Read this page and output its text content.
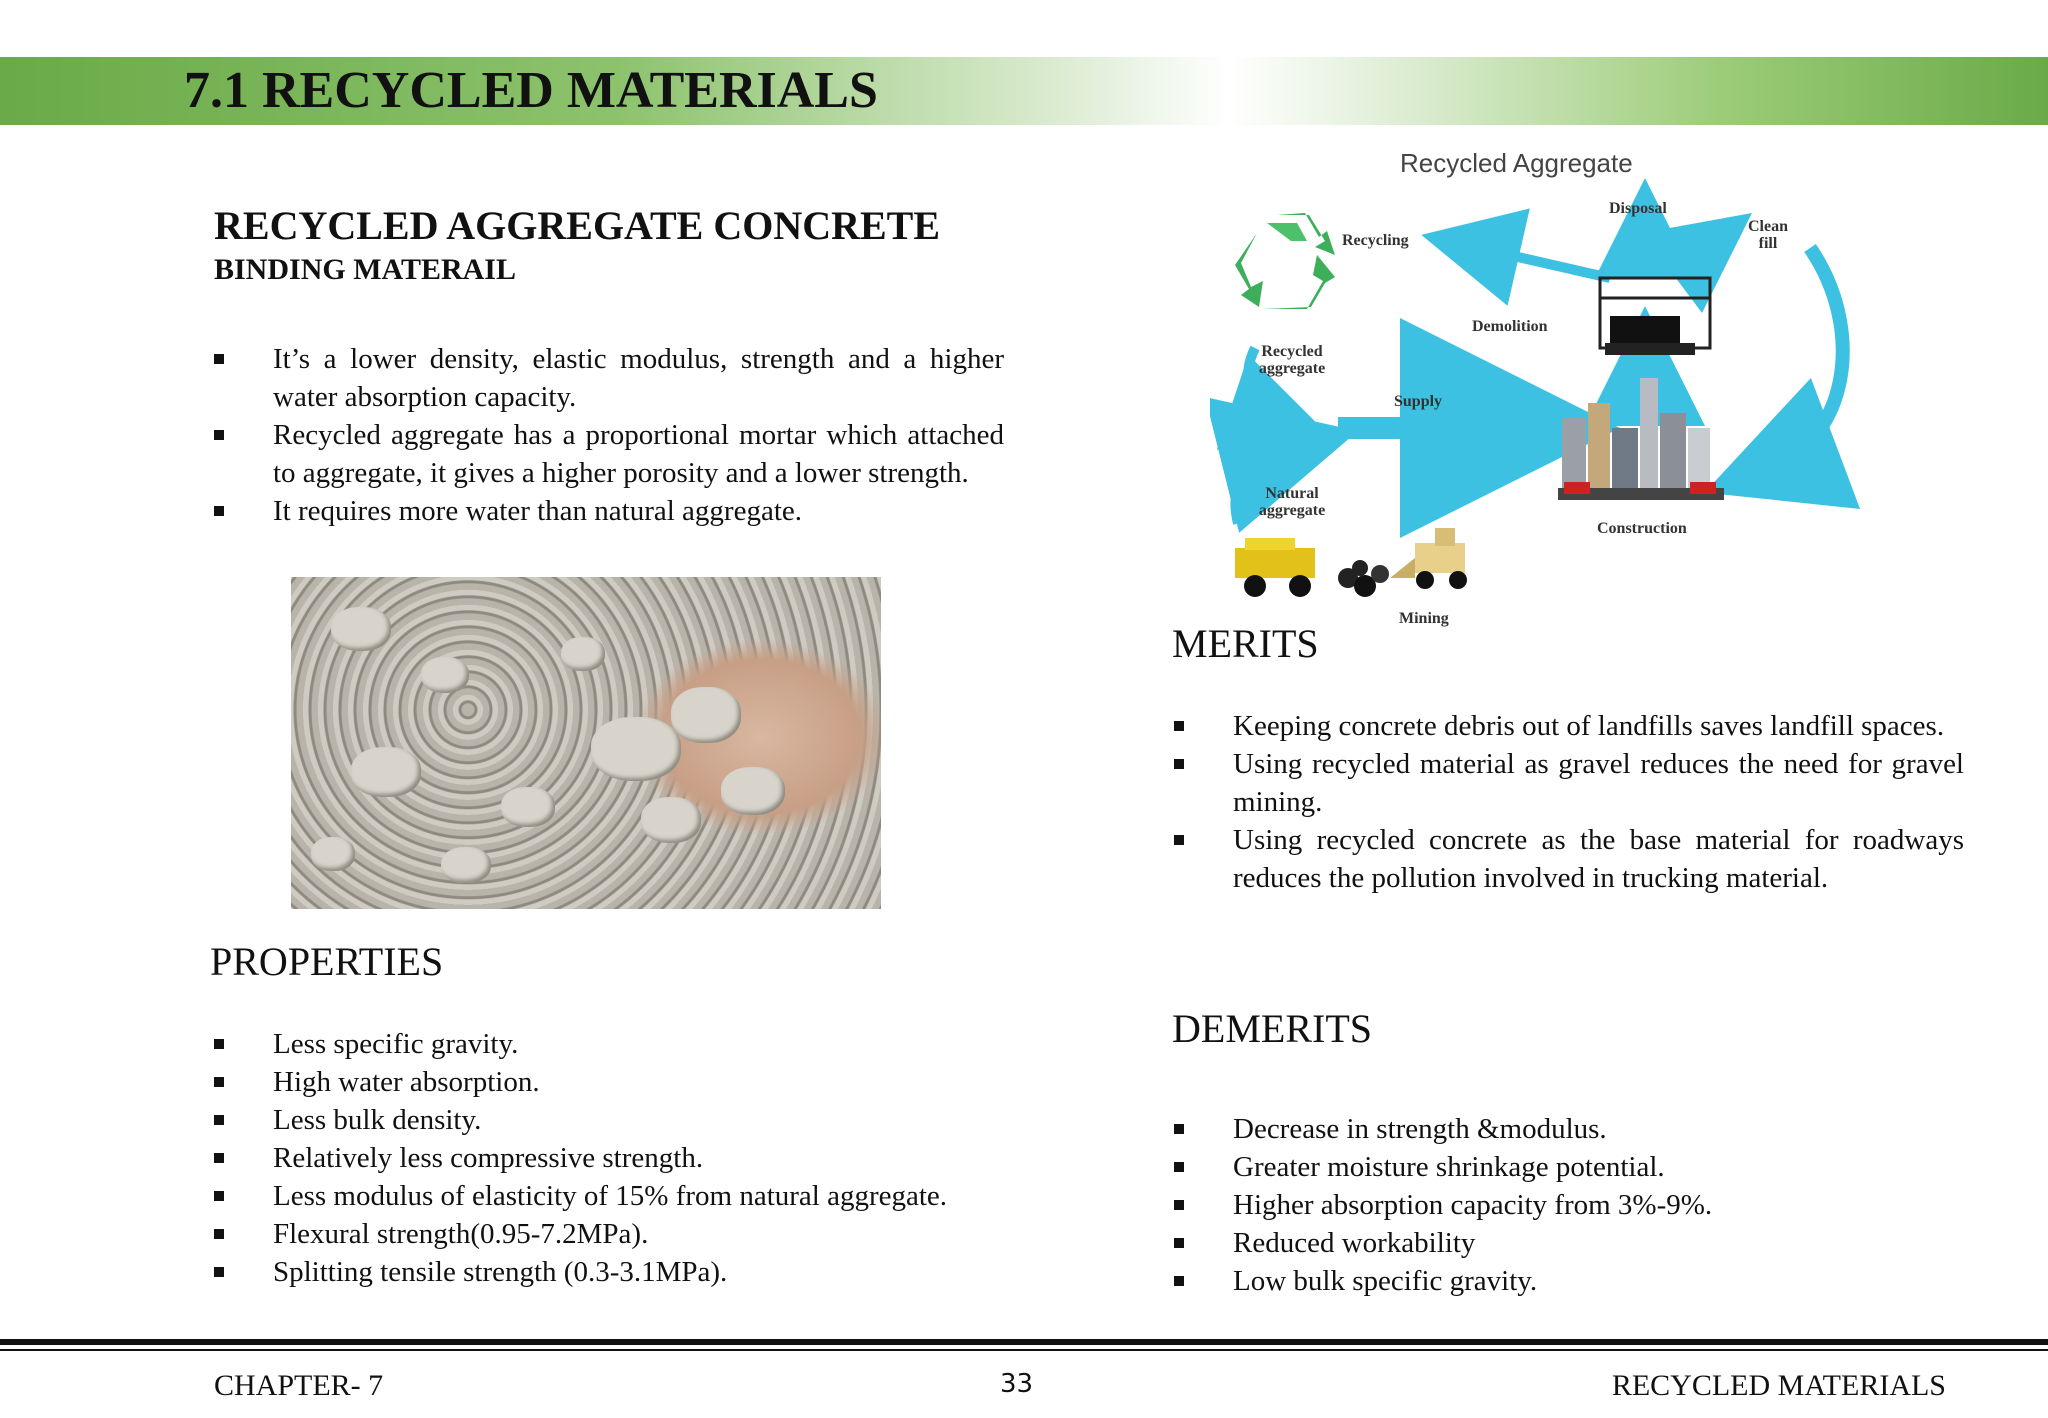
7.1 RECYCLED MATERIALS
RECYCLED AGGREGATE CONCRETE
BINDING MATERAIL
It’s a lower density, elastic modulus, strength and a higher water absorption capacity.
Recycled aggregate has a proportional mortar which attached to aggregate, it gives a higher porosity and a lower strength.
It requires more water than natural aggregate.
PROPERTIES
Less specific gravity.
High water absorption.
Less bulk density.
Relatively less compressive strength.
Less modulus of elasticity of 15% from natural aggregate.
Flexural strength(0.95-7.2MPa).
Splitting tensile strength (0.3-3.1MPa).
Recycled Aggregate
Recycling
Disposal
Clean fill
Demolition
Recycled aggregate
Supply
Natural aggregate
Construction
Mining
MERITS
Keeping concrete debris out of landfills saves landfill spaces.
Using recycled material as gravel reduces the need for gravel mining.
Using recycled concrete as the base material for roadways reduces the pollution involved in trucking material.
DEMERITS
Decrease in strength &modulus.
Greater moisture shrinkage potential.
Higher absorption capacity from 3%-9%.
Reduced workability
Low bulk specific gravity.
CHAPTER- 7	33	RECYCLED MATERIALS
